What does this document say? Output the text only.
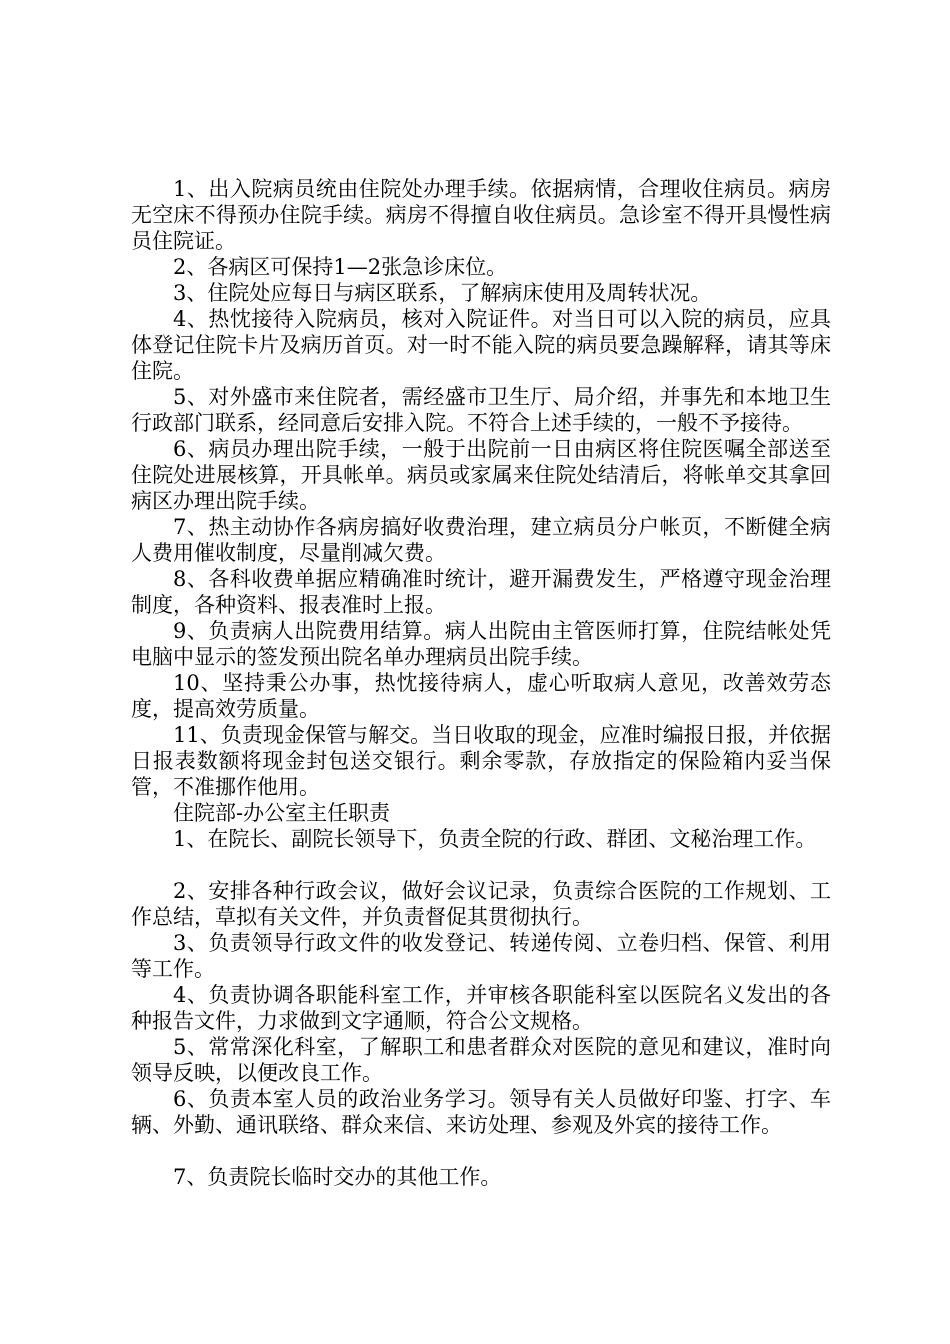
1、出入院病员统由住院处办理手续。依据病情，合理收住病员。病房无空床不得预办住院手续。病房不得擅自收住病员。急诊室不得开具慢性病员住院证。

2、各病区可保持1—2张急诊床位。

3、住院处应每日与病区联系，了解病床使用及周转状况。

4、热忱接待入院病员，核对入院证件。对当日可以入院的病员，应具体登记住院卡片及病历首页。对一时不能入院的病员要急躁解释，请其等床住院。

5、对外盛市来住院者，需经盛市卫生厅、局介绍，并事先和本地卫生行政部门联系，经同意后安排入院。不符合上述手续的，一般不予接待。

6、病员办理出院手续，一般于出院前一日由病区将住院医嘱全部送至住院处进展核算，开具帐单。病员或家属来住院处结清后，将帐单交其拿回病区办理出院手续。

7、热主动协作各病房搞好收费治理，建立病员分户帐页，不断健全病人费用催收制度，尽量削减欠费。

8、各科收费单据应精确准时统计，避开漏费发生，严格遵守现金治理制度，各种资料、报表准时上报。

9、负责病人出院费用结算。病人出院由主管医师打算，住院结帐处凭电脑中显示的签发预出院名单办理病员出院手续。

10、坚持秉公办事，热忱接待病人，虚心听取病人意见，改善效劳态度，提高效劳质量。

11、负责现金保管与解交。当日收取的现金，应准时编报日报，并依据日报表数额将现金封包送交银行。剩余零款，存放指定的保险箱内妥当保管，不准挪作他用。

住院部-办公室主任职责

1、在院长、副院长领导下，负责全院的行政、群团、文秘治理工作。

2、安排各种行政会议，做好会议记录，负责综合医院的工作规划、工作总结，草拟有关文件，并负责督促其贯彻执行。

3、负责领导行政文件的收发登记、转递传阅、立卷归档、保管、利用等工作。

4、负责协调各职能科室工作，并审核各职能科室以医院名义发出的各种报告文件，力求做到文字通顺，符合公文规格。

5、常常深化科室，了解职工和患者群众对医院的意见和建议，准时向领导反映，以便改良工作。

6、负责本室人员的政治业务学习。领导有关人员做好印鉴、打字、车辆、外勤、通讯联络、群众来信、来访处理、参观及外宾的接待工作。

7、负责院长临时交办的其他工作。
